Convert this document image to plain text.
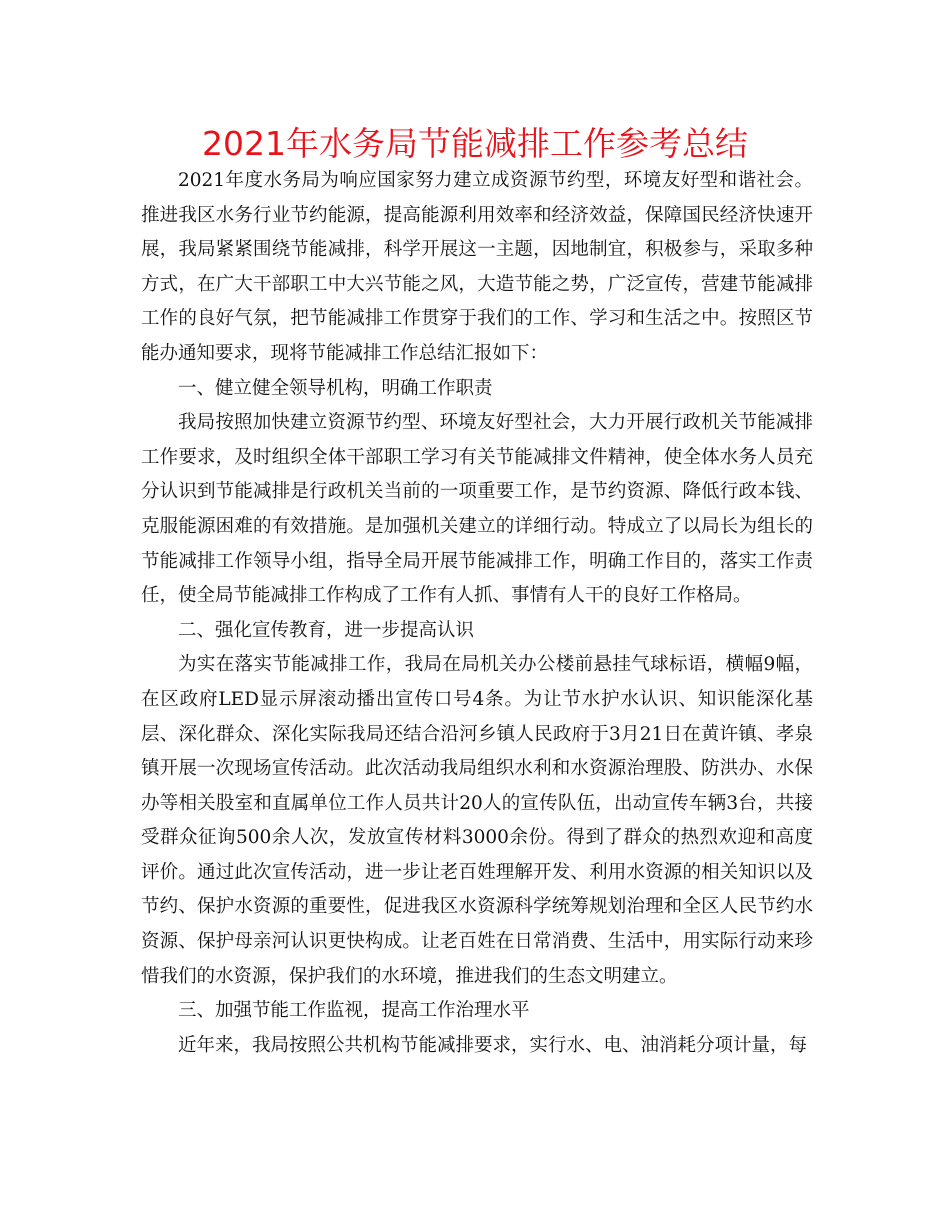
2021年水务局节能减排工作参考总结

2021年度水务局为响应国家努力建立成资源节约型，环境友好型和谐社会。推进我区水务行业节约能源，提高能源利用效率和经济效益，保障国民经济快速开展，我局紧紧围绕节能减排，科学开展这一主题，因地制宜，积极参与，采取多种方式，在广大干部职工中大兴节能之风，大造节能之势，广泛宣传，营建节能减排工作的良好气氛，把节能减排工作贯穿于我们的工作、学习和生活之中。按照区节能办通知要求，现将节能减排工作总结汇报如下：

一、健立健全领导机构，明确工作职责

我局按照加快建立资源节约型、环境友好型社会，大力开展行政机关节能减排工作要求，及时组织全体干部职工学习有关节能减排文件精神，使全体水务人员充分认识到节能减排是行政机关当前的一项重要工作，是节约资源、降低行政本钱、克服能源困难的有效措施。是加强机关建立的详细行动。特成立了以局长为组长的节能减排工作领导小组，指导全局开展节能减排工作，明确工作目的，落实工作责任，使全局节能减排工作构成了工作有人抓、事情有人干的良好工作格局。

二、强化宣传教育，进一步提高认识

为实在落实节能减排工作，我局在局机关办公楼前悬挂气球标语，横幅9幅，在区政府LED显示屏滚动播出宣传口号4条。为让节水护水认识、知识能深化基层、深化群众、深化实际我局还结合沿河乡镇人民政府于3月21日在黄许镇、孝泉镇开展一次现场宣传活动。此次活动我局组织水利和水资源治理股、防洪办、水保办等相关股室和直属单位工作人员共计20人的宣传队伍，出动宣传车辆3台，共接受群众征询500余人次，发放宣传材料3000余份。得到了群众的热烈欢迎和高度评价。通过此次宣传活动，进一步让老百姓理解开发、利用水资源的相关知识以及节约、保护水资源的重要性，促进我区水资源科学统筹规划治理和全区人民节约水资源、保护母亲河认识更快构成。让老百姓在日常消费、生活中，用实际行动来珍惜我们的水资源，保护我们的水环境，推进我们的生态文明建立。

三、加强节能工作监视，提高工作治理水平

近年来，我局按照公共机构节能减排要求，实行水、电、油消耗分项计量，每
